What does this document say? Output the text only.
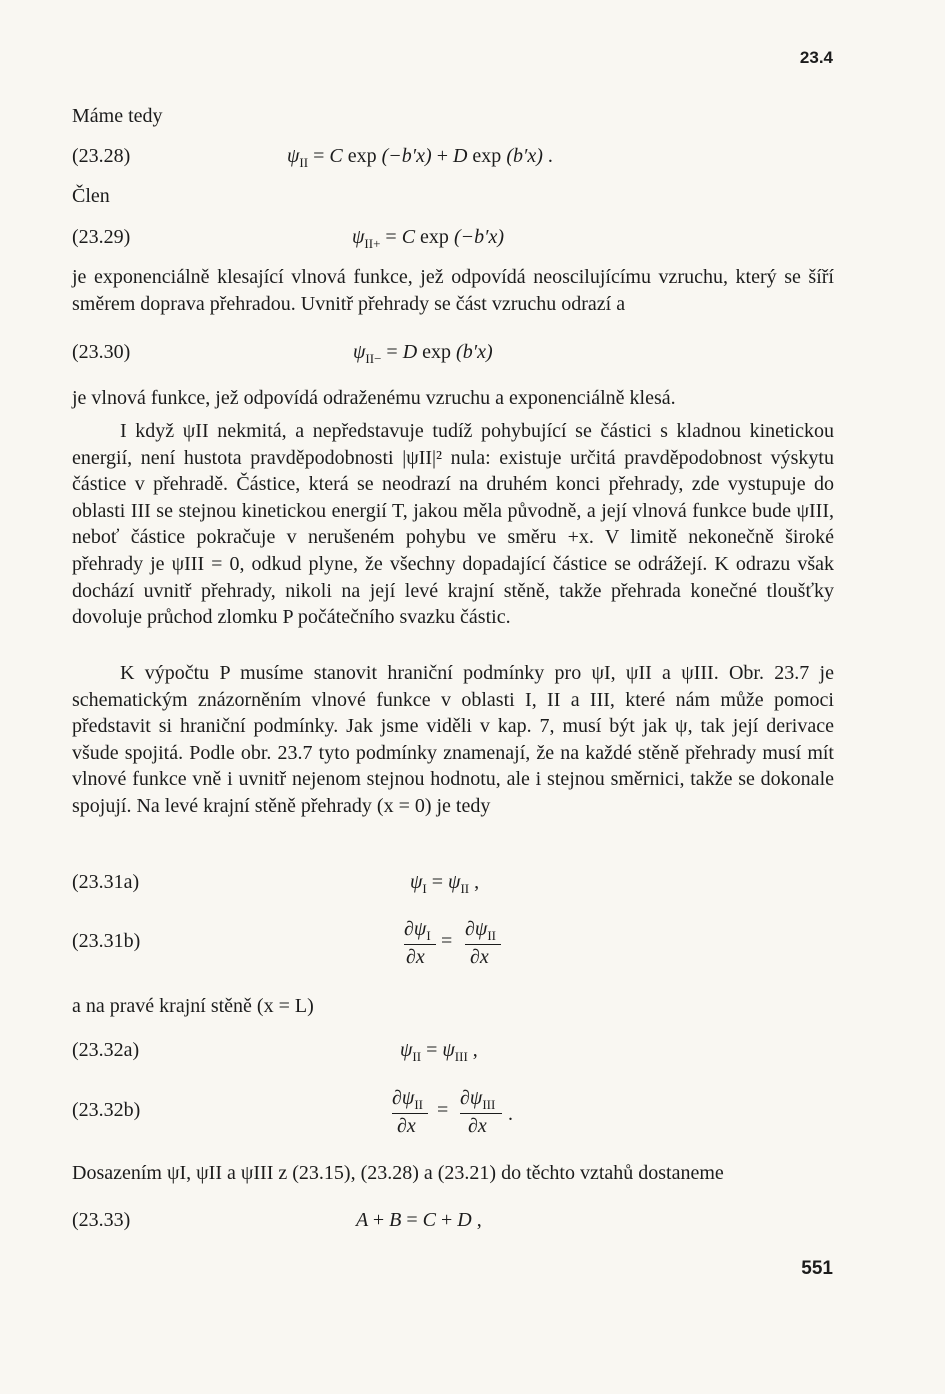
23.4
Máme tedy
(23.28)	$\psi_{II} = C$ exp (−b′x) + D exp (b′x) .
Člen
(23.29)	$\psi_{II+} = C$ exp (−b′x)
je exponenciálně klesající vlnová funkce, jež odpovídá neoscilujícímu vzruchu, který se šíří směrem doprava přehradou. Uvnitř přehrady se část vzruchu odrazí a
(23.30)	$\psi_{II-} = D$ exp (b′x)
je vlnová funkce, jež odpovídá odraženému vzruchu a exponenciálně klesá.
I když ψII nekmitá, a nepředstavuje tudíž pohybující se částici s kladnou kinetickou energií, není hustota pravděpodobnosti |ψII|² nula: existuje určitá pravděpodobnost výskytu částice v přehradě. Částice, která se neodrazí na druhém konci přehrady, zde vystupuje do oblasti III se stejnou kinetickou energií T, jakou měla původně, a její vlnová funkce bude ψIII, neboť částice pokračuje v nerušeném pohybu ve směru +x. V limitě nekonečně široké přehrady je ψIII = 0, odkud plyne, že všechny dopadající částice se odrážejí. K odrazu však dochází uvnitř přehrady, nikoli na její levé krajní stěně, takže přehrada konečné tloušťky dovoluje průchod zlomku P počátečního svazku částic.
K výpočtu P musíme stanovit hraniční podmínky pro ψI, ψII a ψIII. Obr. 23.7 je schematickým znázorněním vlnové funkce v oblasti I, II a III, které nám může pomoci představit si hraniční podmínky. Jak jsme viděli v kap. 7, musí být jak ψ, tak její derivace všude spojitá. Podle obr. 23.7 tyto podmínky znamenají, že na každé stěně přehrady musí mít vlnové funkce vně i uvnitř nejenom stejnou hodnotu, ale i stejnou směrnici, takže se dokonale spojují. Na levé krajní stěně přehrady (x = 0) je tedy
(23.31a)	$\psi_I = \psi_{II}$ ,
(23.31b)
$\partial\psi_I$
∂x
=
$\partial\psi_{II}$
∂x
a na pravé krajní stěně (x = L)
(23.32a)	$\psi_{II} = \psi_{III}$ ,
(23.32b)
$\partial\psi_{II}$
∂x
=
$\partial\psi_{III}$
∂x
.
Dosazením ψI, ψII a ψIII z (23.15), (23.28) a (23.21) do těchto vztahů dostaneme
(23.33)	A + B = C + D ,
551
